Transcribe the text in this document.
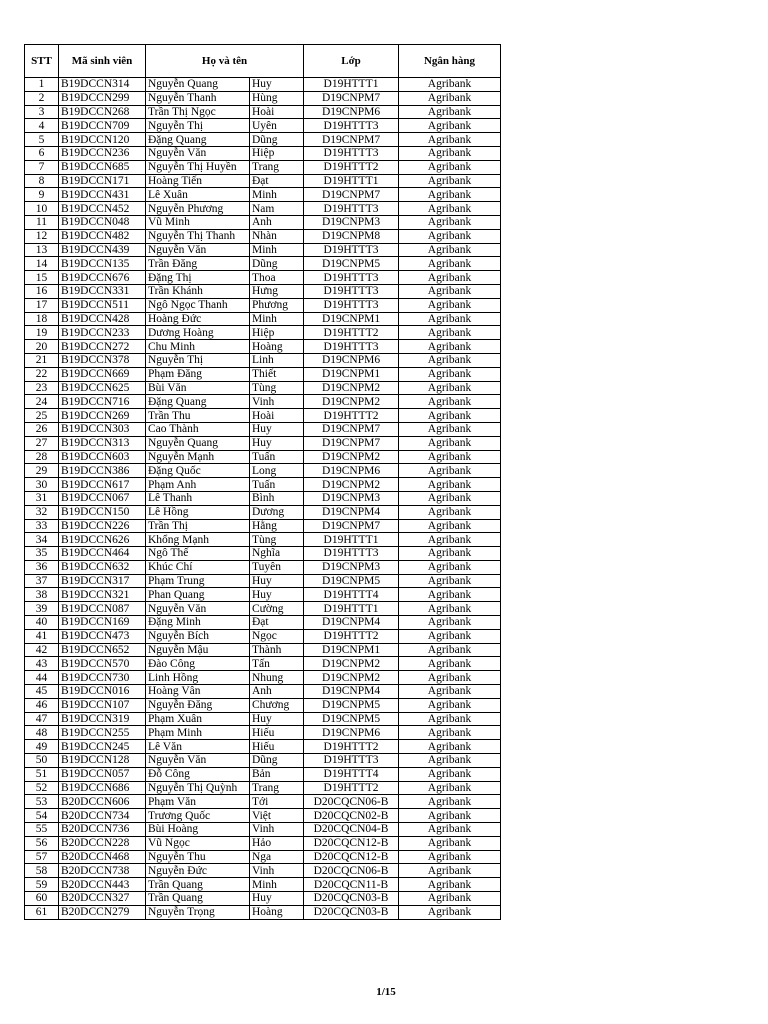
STT	Mã sinh viên	Họ và tên		Lớp	Ngân hàng
1	B19DCCN314	Nguyễn Quang	Huy	D19HTTT1	Agribank
2	B19DCCN299	Nguyễn Thanh	Hùng	D19CNPM7	Agribank
3	B19DCCN268	Trần Thị Ngọc	Hoài	D19CNPM6	Agribank
4	B19DCCN709	Nguyễn Thị	Uyên	D19HTTT3	Agribank
5	B19DCCN120	Đặng Quang	Dũng	D19CNPM7	Agribank
6	B19DCCN236	Nguyễn Văn	Hiệp	D19HTTT3	Agribank
7	B19DCCN685	Nguyễn Thị Huyền	Trang	D19HTTT2	Agribank
8	B19DCCN171	Hoàng Tiến	Đạt	D19HTTT1	Agribank
9	B19DCCN431	Lê Xuân	Minh	D19CNPM7	Agribank
10	B19DCCN452	Nguyễn Phương	Nam	D19HTTT3	Agribank
11	B19DCCN048	Vũ Minh	Anh	D19CNPM3	Agribank
12	B19DCCN482	Nguyễn Thị Thanh	Nhàn	D19CNPM8	Agribank
13	B19DCCN439	Nguyễn Văn	Minh	D19HTTT3	Agribank
14	B19DCCN135	Trần Đăng	Dũng	D19CNPM5	Agribank
15	B19DCCN676	Đặng Thị	Thoa	D19HTTT3	Agribank
16	B19DCCN331	Trần Khánh	Hưng	D19HTTT3	Agribank
17	B19DCCN511	Ngô Ngọc Thanh	Phương	D19HTTT3	Agribank
18	B19DCCN428	Hoàng Đức	Minh	D19CNPM1	Agribank
19	B19DCCN233	Dương Hoàng	Hiệp	D19HTTT2	Agribank
20	B19DCCN272	Chu Minh	Hoàng	D19HTTT3	Agribank
21	B19DCCN378	Nguyễn Thị	Linh	D19CNPM6	Agribank
22	B19DCCN669	Phạm Đăng	Thiết	D19CNPM1	Agribank
23	B19DCCN625	Bùi Văn	Tùng	D19CNPM2	Agribank
24	B19DCCN716	Đặng Quang	Vinh	D19CNPM2	Agribank
25	B19DCCN269	Trần Thu	Hoài	D19HTTT2	Agribank
26	B19DCCN303	Cao Thành	Huy	D19CNPM7	Agribank
27	B19DCCN313	Nguyễn Quang	Huy	D19CNPM7	Agribank
28	B19DCCN603	Nguyễn Mạnh	Tuấn	D19CNPM2	Agribank
29	B19DCCN386	Đặng Quốc	Long	D19CNPM6	Agribank
30	B19DCCN617	Phạm Anh	Tuấn	D19CNPM2	Agribank
31	B19DCCN067	Lê Thanh	Bình	D19CNPM3	Agribank
32	B19DCCN150	Lê Hồng	Dương	D19CNPM4	Agribank
33	B19DCCN226	Trần Thị	Hằng	D19CNPM7	Agribank
34	B19DCCN626	Khổng Mạnh	Tùng	D19HTTT1	Agribank
35	B19DCCN464	Ngô Thế	Nghĩa	D19HTTT3	Agribank
36	B19DCCN632	Khúc Chí	Tuyên	D19CNPM3	Agribank
37	B19DCCN317	Phạm Trung	Huy	D19CNPM5	Agribank
38	B19DCCN321	Phan Quang	Huy	D19HTTT4	Agribank
39	B19DCCN087	Nguyễn Văn	Cường	D19HTTT1	Agribank
40	B19DCCN169	Đặng Minh	Đạt	D19CNPM4	Agribank
41	B19DCCN473	Nguyễn Bích	Ngọc	D19HTTT2	Agribank
42	B19DCCN652	Nguyễn Mậu	Thành	D19CNPM1	Agribank
43	B19DCCN570	Đào Công	Tấn	D19CNPM2	Agribank
44	B19DCCN730	Linh Hồng	Nhung	D19CNPM2	Agribank
45	B19DCCN016	Hoàng Vân	Anh	D19CNPM4	Agribank
46	B19DCCN107	Nguyễn Đăng	Chương	D19CNPM5	Agribank
47	B19DCCN319	Phạm Xuân	Huy	D19CNPM5	Agribank
48	B19DCCN255	Phạm Minh	Hiếu	D19CNPM6	Agribank
49	B19DCCN245	Lê Văn	Hiếu	D19HTTT2	Agribank
50	B19DCCN128	Nguyễn Văn	Dũng	D19HTTT3	Agribank
51	B19DCCN057	Đỗ Công	Bản	D19HTTT4	Agribank
52	B19DCCN686	Nguyễn Thị Quỳnh	Trang	D19HTTT2	Agribank
53	B20DCCN606	Phạm Văn	Tới	D20CQCN06-B	Agribank
54	B20DCCN734	Trương Quốc	Việt	D20CQCN02-B	Agribank
55	B20DCCN736	Bùi Hoàng	Vinh	D20CQCN04-B	Agribank
56	B20DCCN228	Vũ Ngọc	Hảo	D20CQCN12-B	Agribank
57	B20DCCN468	Nguyễn Thu	Nga	D20CQCN12-B	Agribank
58	B20DCCN738	Nguyễn Đức	Vinh	D20CQCN06-B	Agribank
59	B20DCCN443	Trần Quang	Minh	D20CQCN11-B	Agribank
60	B20DCCN327	Trần Quang	Huy	D20CQCN03-B	Agribank
61	B20DCCN279	Nguyễn Trọng	Hoàng	D20CQCN03-B	Agribank
1/15
